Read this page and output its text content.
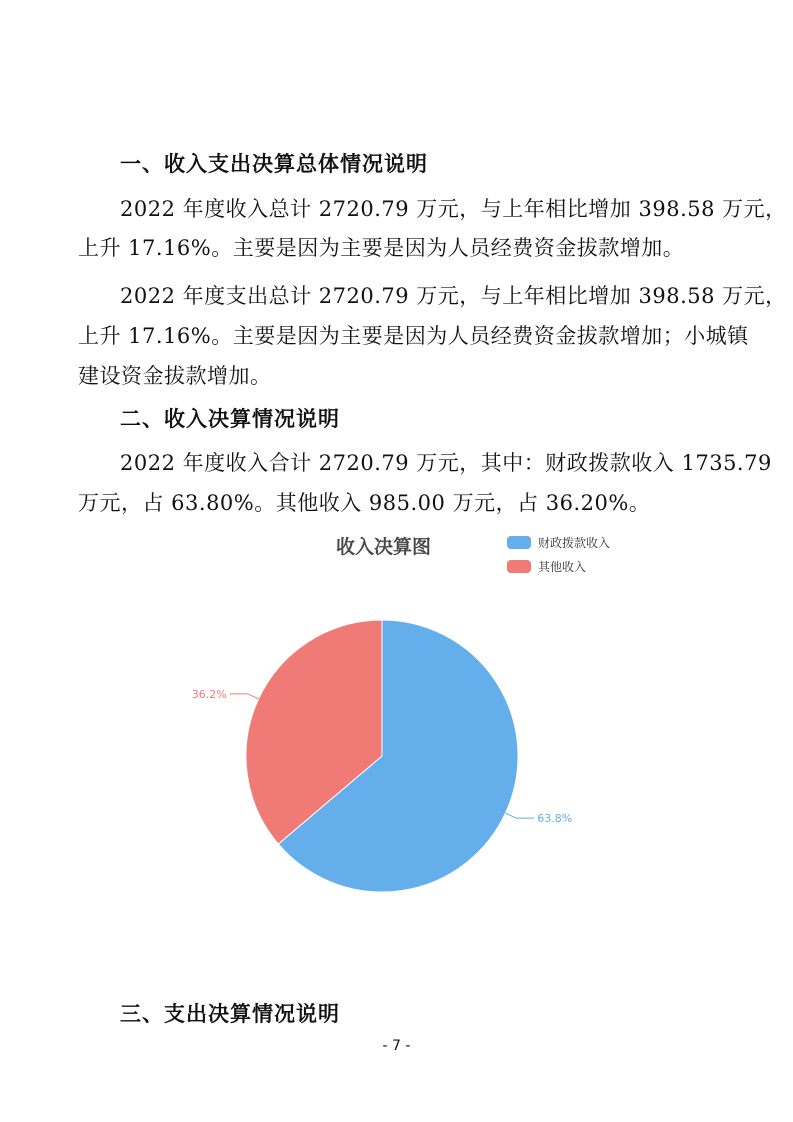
一、收入支出决算总体情况说明
2022 年度收入总计 2720.79 万元，与上年相比增加 398.58 万元，
上升 17.16%。主要是因为主要是因为人员经费资金拔款增加。
2022 年度支出总计 2720.79 万元，与上年相比增加 398.58 万元，
上升 17.16%。主要是因为主要是因为人员经费资金拔款增加；小城镇
建设资金拔款增加。
二、收入决算情况说明
2022 年度收入合计 2720.79 万元，其中：财政拨款收入 1735.79
万元，占 63.80%。其他收入 985.00 万元，占 36.20%。
收入决算图	财政拨款收入
其他收入
63.8%
36.2%
三、支出决算情况说明
- 7 -
